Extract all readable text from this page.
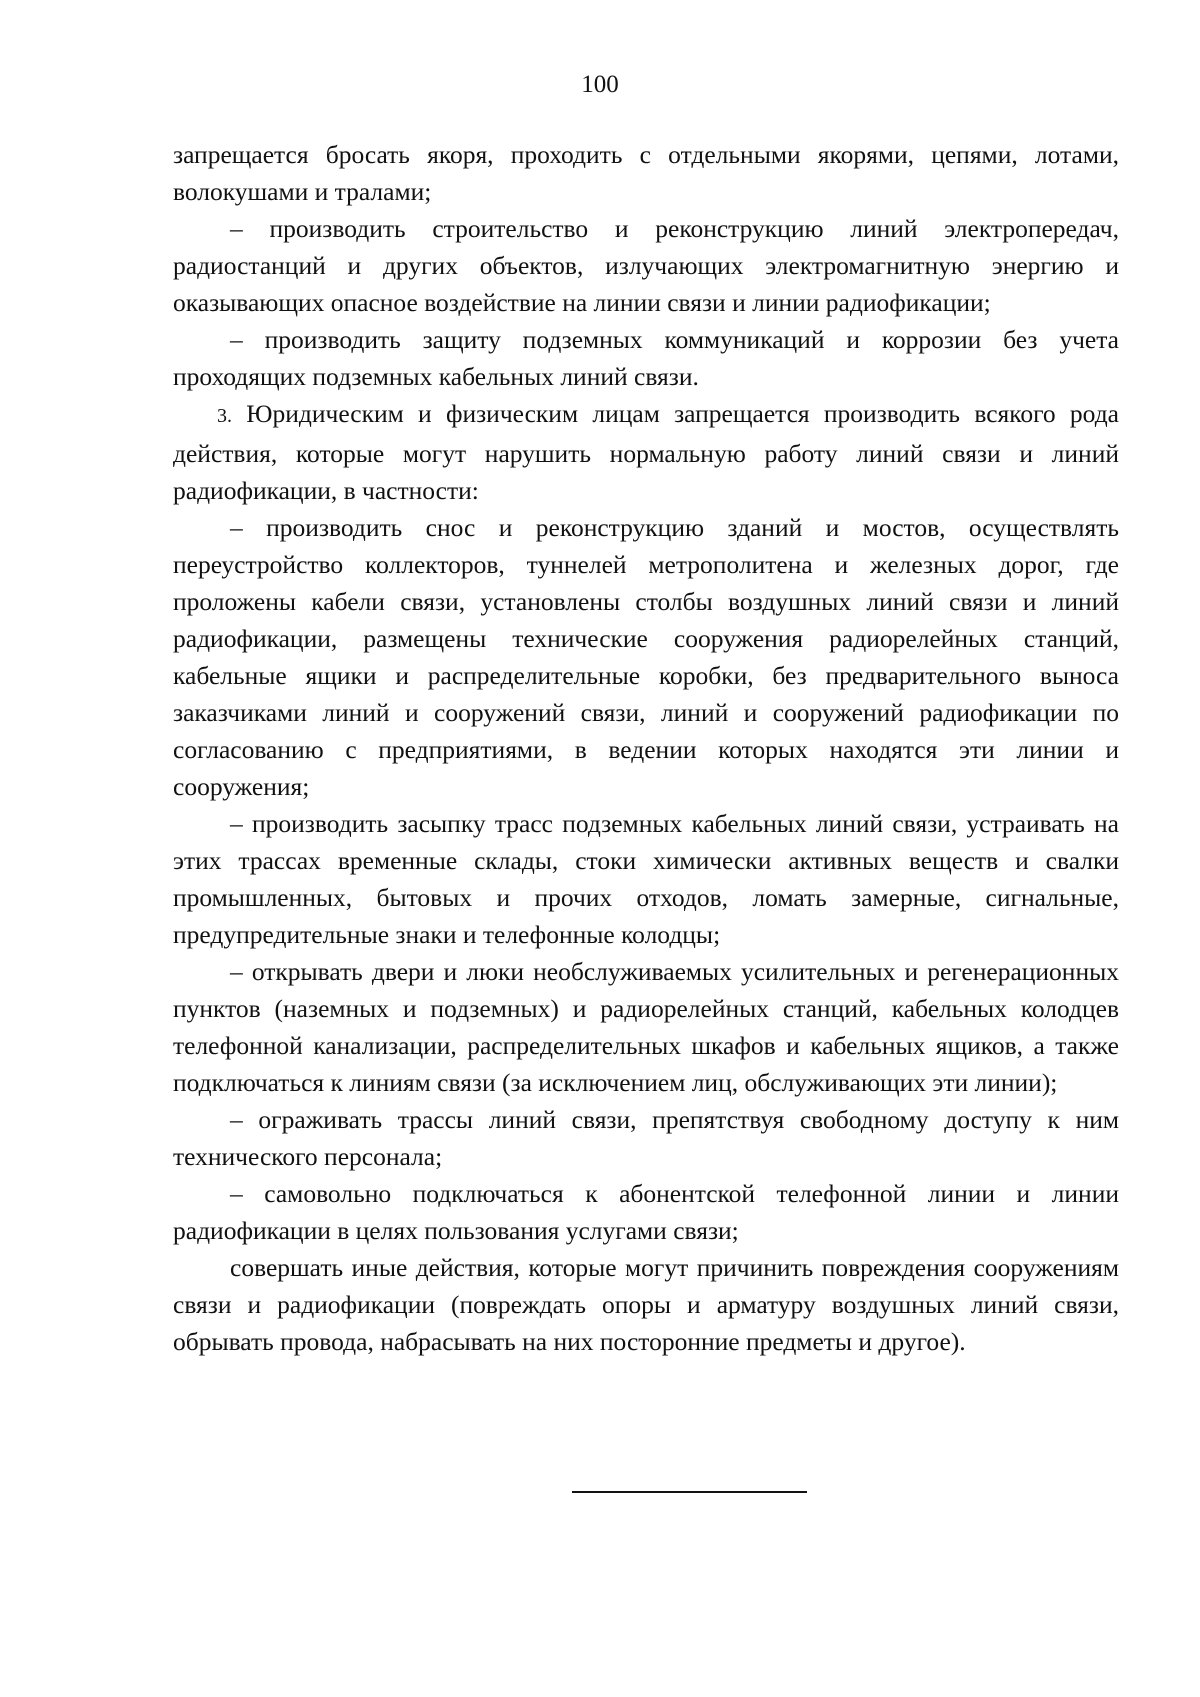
100

запрещается бросать якоря, проходить с отдельными якорями, цепями, лотами, волокушами и тралами;

– производить строительство и реконструкцию линий электропередач, радиостанций и других объектов, излучающих электромагнитную энергию и оказывающих опасное воздействие на линии связи и линии радиофикации;

– производить защиту подземных коммуникаций и коррозии без учета проходящих подземных кабельных линий связи.

3. Юридическим и физическим лицам запрещается производить всякого рода действия, которые могут нарушить нормальную работу линий связи и линий радиофикации, в частности:

– производить снос и реконструкцию зданий и мостов, осуществлять переустройство коллекторов, туннелей метрополитена и железных дорог, где проложены кабели связи, установлены столбы воздушных линий связи и линий радиофикации, размещены технические сооружения радиорелейных станций, кабельные ящики и распределительные коробки, без предварительного выноса заказчиками линий и сооружений связи, линий и сооружений радиофикации по согласованию с предприятиями, в ведении которых находятся эти линии и сооружения;

– производить засыпку трасс подземных кабельных линий связи, устраивать на этих трассах временные склады, стоки химически активных веществ и свалки промышленных, бытовых и прочих отходов, ломать замерные, сигнальные, предупредительные знаки и телефонные колодцы;

– открывать двери и люки необслуживаемых усилительных и регенерационных пунктов (наземных и подземных) и радиорелейных станций, кабельных колодцев телефонной канализации, распределительных шкафов и кабельных ящиков, а также подключаться к линиям связи (за исключением лиц, обслуживающих эти линии);

– ограживать трассы линий связи, препятствуя свободному доступу к ним технического персонала;

– самовольно подключаться к абонентской телефонной линии и линии радиофикации в целях пользования услугами связи;

совершать иные действия, которые могут причинить повреждения сооружениям связи и радиофикации (повреждать опоры и арматуру воздушных линий связи, обрывать провода, набрасывать на них посторонние предметы и другое).
